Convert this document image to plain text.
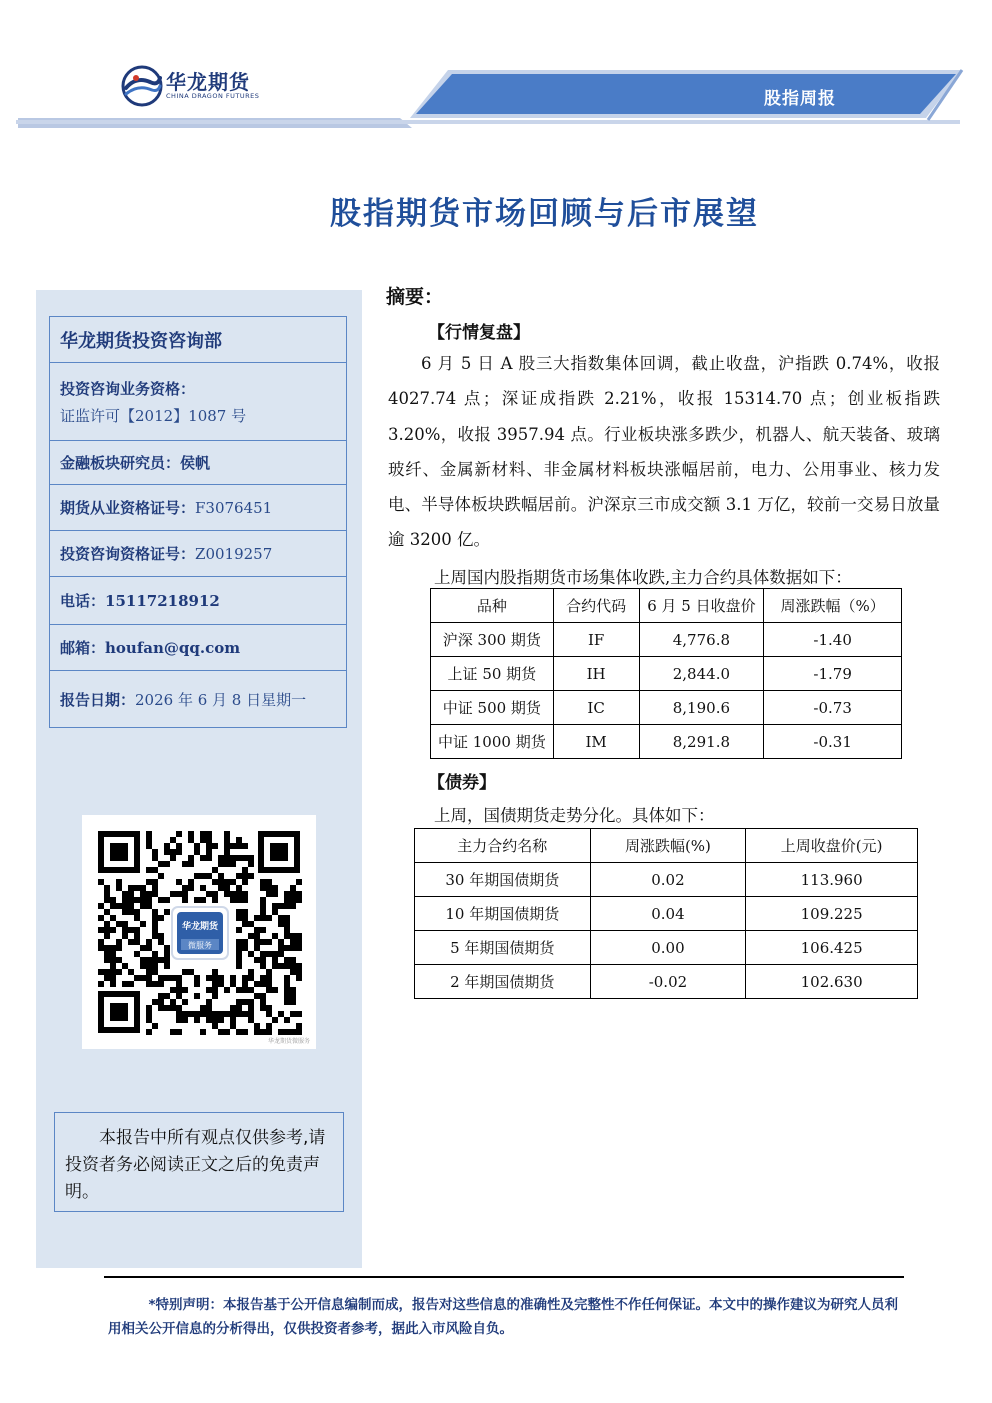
华龙期货
CHINA DRAGON FUTURES	股指周报
股指期货市场回顾与后市展望
华龙期货投资咨询部
投资咨询业务资格：
证监许可【2012】1087 号
金融板块研究员：侯帆
期货从业资格证号： F3076451
投资咨询资格证号： Z0019257
电话： 15117218912
邮箱： houfan@qq.com
报告日期： 2026 年 6 月 8 日星期一
华龙期货
微服务
华龙期货微服务
本报告中所有观点仅供参考,请投资者务必阅读正文之后的免责声明。
摘要：
【行情复盘】
6 月 5 日 A 股三大指数集体回调，截止收盘，沪指跌 0.74%，收报 4027.74 点；深证成指跌 2.21%，收报 15314.70 点；创业板指跌 3.20%，收报 3957.94 点。行业板块涨多跌少，机器人、航天装备、玻璃玻纤、金属新材料、非金属材料板块涨幅居前，电力、公用事业、核力发电、半导体板块跌幅居前。沪深京三市成交额 3.1 万亿，较前一交易日放量逾 3200 亿。
上周国内股指期货市场集体收跌,主力合约具体数据如下：
品种	合约代码	6 月 5 日收盘价	周涨跌幅（%）
沪深 300 期货	IF	4,776.8	-1.40
上证 50 期货	IH	2,844.0	-1.79
中证 500 期货	IC	8,190.6	-0.73
中证 1000 期货	IM	8,291.8	-0.31
【债券】
上周，国债期货走势分化。具体如下：
主力合约名称	周涨跌幅(%)	上周收盘价(元)
30 年期国债期货	0.02	113.960
10 年期国债期货	0.04	109.225
5 年期国债期货	0.00	106.425
2 年期国债期货	-0.02	102.630
*特别声明：本报告基于公开信息编制而成，报告对这些信息的准确性及完整性不作任何保证。本文中的操作建议为研究人员利用相关公开信息的分析得出，仅供投资者参考，据此入市风险自负。
